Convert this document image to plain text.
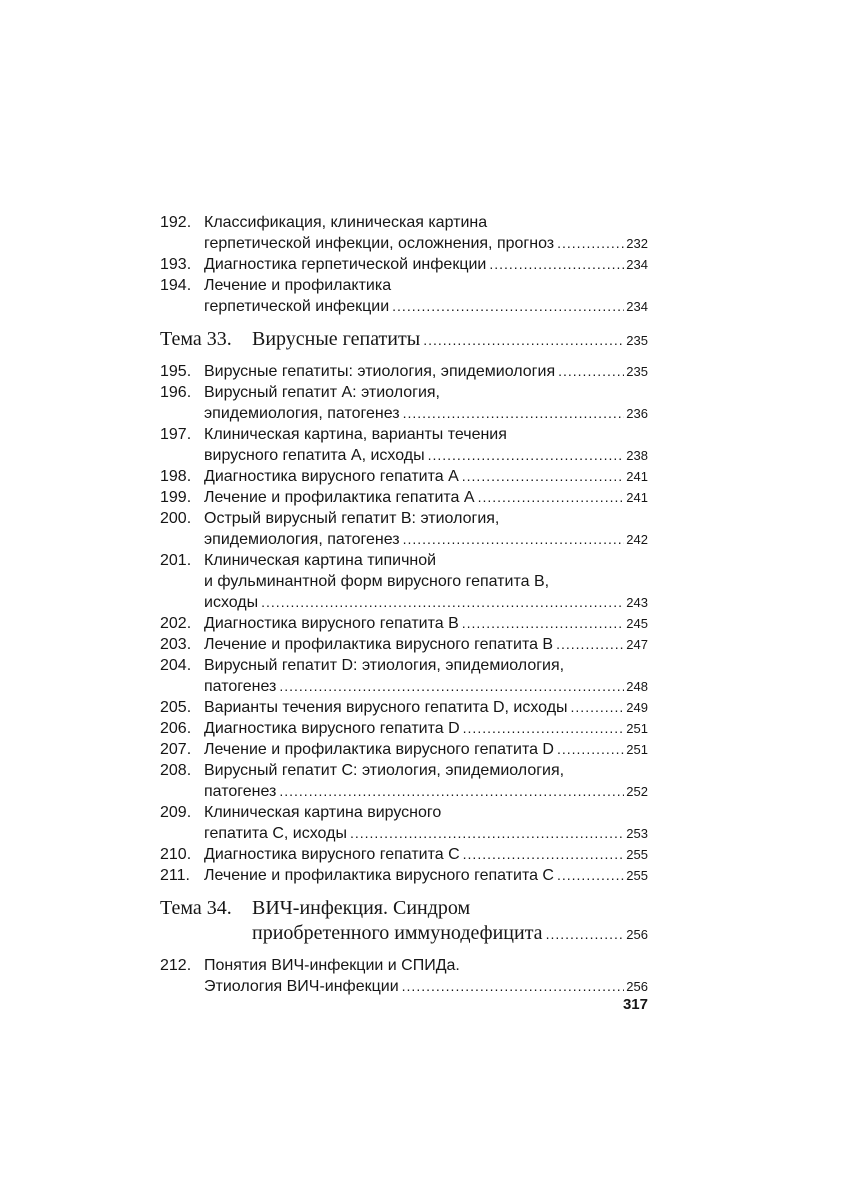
192. Классификация, клиническая картина
герпетической инфекции, осложнения, прогноз .....	232
193. Диагностика герпетической инфекции .....	234
194. Лечение и профилактика
герпетической инфекции .....	234
Тема 33.	Вирусные гепатиты .....	235
195. Вирусные гепатиты: этиология, эпидемиология .....	235
196. Вирусный гепатит А: этиология,
эпидемиология, патогенез .....	236
197. Клиническая картина, варианты течения
вирусного гепатита А, исходы .....	238
198. Диагностика вирусного гепатита А .....	241
199. Лечение и профилактика гепатита А .....	241
200. Острый вирусный гепатит В: этиология,
эпидемиология, патогенез .....	242
201. Клиническая картина типичной
и фульминантной форм вирусного гепатита В,
исходы .....	243
202. Диагностика вирусного гепатита В .....	245
203. Лечение и профилактика вирусного гепатита В .....	247
204. Вирусный гепатит D: этиология, эпидемиология,
патогенез .....	248
205. Варианты течения вирусного гепатита D, исходы .....	249
206. Диагностика вирусного гепатита D .....	251
207. Лечение и профилактика вирусного гепатита D .....	251
208. Вирусный гепатит С: этиология, эпидемиология,
патогенез .....	252
209. Клиническая картина вирусного
гепатита С, исходы .....	253
210. Диагностика вирусного гепатита С .....	255
211. Лечение и профилактика вирусного гепатита С .....	255
Тема 34.	ВИЧ-инфекция. Синдром
приобретенного иммунодефицита .....	256
212. Понятия ВИЧ-инфекции и СПИДа.
Этиология ВИЧ-инфекции .....	256
317
